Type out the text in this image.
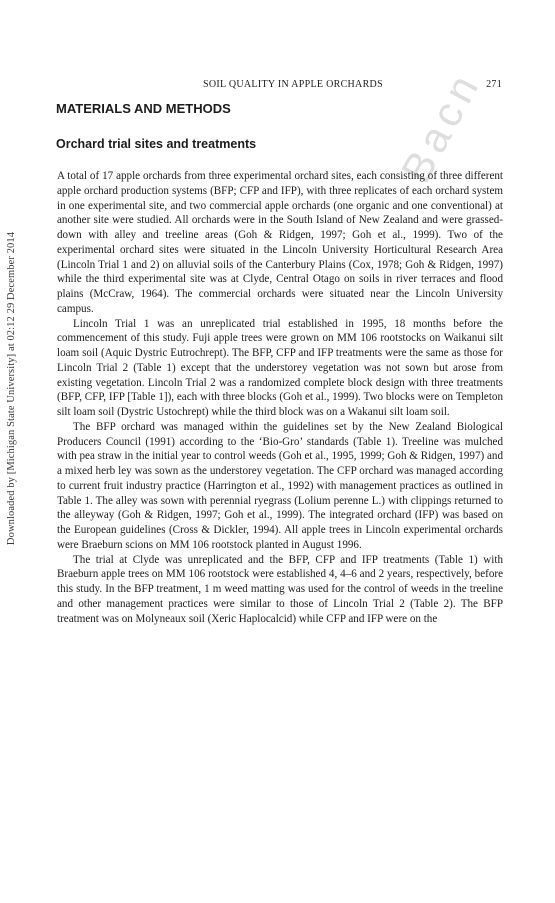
Downloaded by [Michigan State University] at 02:12 29 December 2014
Bacn
SOIL QUALITY IN APPLE ORCHARDS	271
MATERIALS AND METHODS
Orchard trial sites and treatments

A total of 17 apple orchards from three experimental orchard sites, each consisting of three different apple orchard production systems (BFP; CFP and IFP), with three replicates of each orchard system in one experimental site, and two commercial apple orchards (one organic and one conventional) at another site were studied. All orchards were in the South Island of New Zealand and were grassed-down with alley and treeline areas (Goh & Ridgen, 1997; Goh et al., 1999). Two of the experimental orchard sites were situated in the Lincoln University Horticultural Research Area (Lincoln Trial 1 and 2) on alluvial soils of the Canterbury Plains (Cox, 1978; Goh & Ridgen, 1997) while the third experimental site was at Clyde, Central Otago on soils in river terraces and flood plains (McCraw, 1964). The commercial orchards were situated near the Lincoln University campus.

Lincoln Trial 1 was an unreplicated trial established in 1995, 18 months before the commencement of this study. Fuji apple trees were grown on MM 106 rootstocks on Waikanui silt loam soil (Aquic Dystric Eutrochrept). The BFP, CFP and IFP treatments were the same as those for Lincoln Trial 2 (Table 1) except that the understorey vegetation was not sown but arose from existing vegetation. Lincoln Trial 2 was a randomized complete block design with three treatments (BFP, CFP, IFP [Table 1]), each with three blocks (Goh et al., 1999). Two blocks were on Templeton silt loam soil (Dystric Ustochrept) while the third block was on a Wakanui silt loam soil.

The BFP orchard was managed within the guidelines set by the New Zealand Biological Producers Council (1991) according to the ‘Bio-Gro’ standards (Table 1). Treeline was mulched with pea straw in the initial year to control weeds (Goh et al., 1995, 1999; Goh & Ridgen, 1997) and a mixed herb ley was sown as the understorey vegetation. The CFP orchard was managed according to current fruit industry practice (Harrington et al., 1992) with management practices as outlined in Table 1. The alley was sown with perennial ryegrass (Lolium perenne L.) with clippings returned to the alleyway (Goh & Ridgen, 1997; Goh et al., 1999). The integrated orchard (IFP) was based on the European guidelines (Cross & Dickler, 1994). All apple trees in Lincoln experimental orchards were Braeburn scions on MM 106 rootstock planted in August 1996.

The trial at Clyde was unreplicated and the BFP, CFP and IFP treatments (Table 1) with Braeburn apple trees on MM 106 rootstock were established 4, 4–6 and 2 years, respectively, before this study. In the BFP treatment, 1 m weed matting was used for the control of weeds in the treeline and other management practices were similar to those of Lincoln Trial 2 (Table 2). The BFP treatment was on Molyneaux soil (Xeric Haplocalcid) while CFP and IFP were on the
